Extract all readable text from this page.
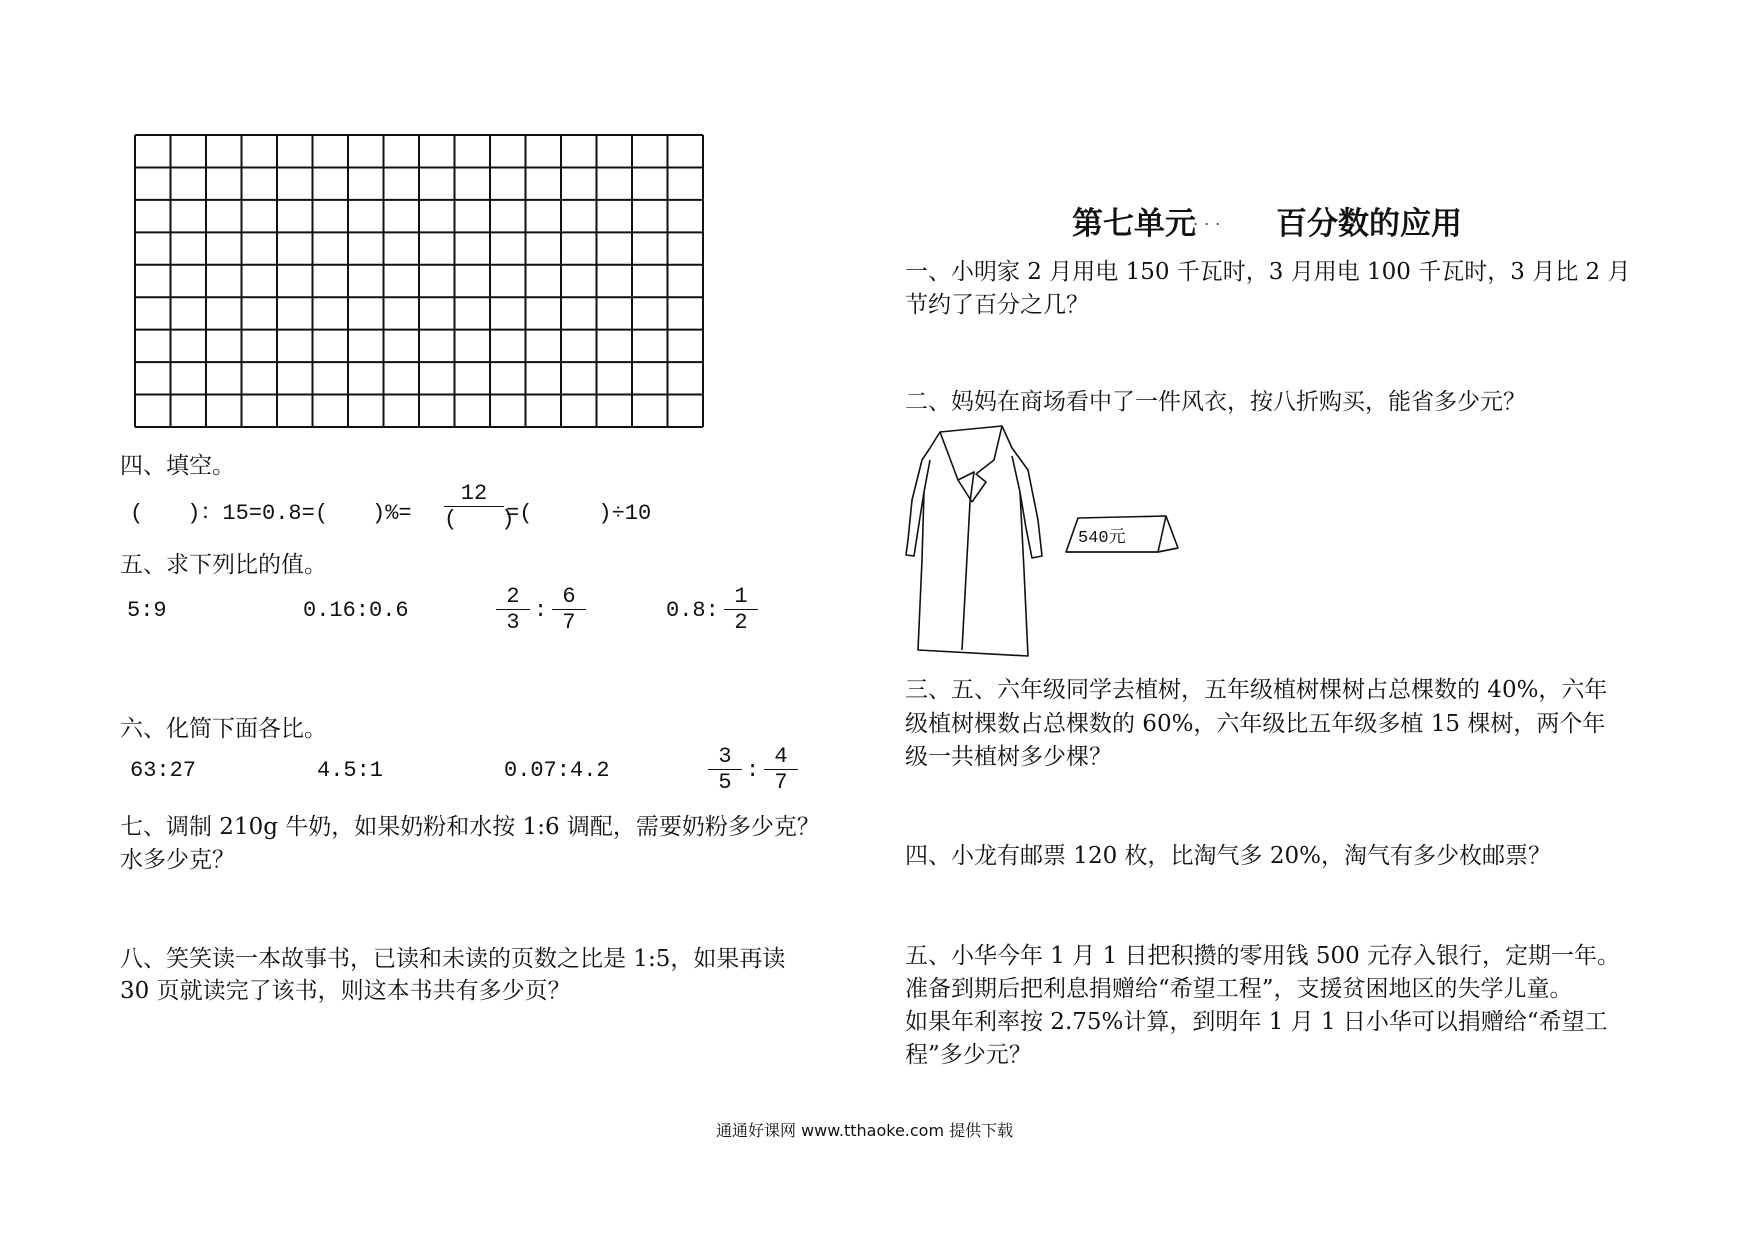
四、填空。
(　　)：15=0.8=(　　)%=
12
(　　)
=(　　　)÷10
五、求下列比的值。
5:9	0.16:0.6
2
3 :
6
7	0.8:
1
2
六、化简下面各比。
63:27	4.5:1	0.07:4.2
3
5 :
4
7
七、调制 210g 牛奶，如果奶粉和水按 1:6 调配，需要奶粉多少克？
水多少克？
八、笑笑读一本故事书，已读和未读的页数之比是 1:5，如果再读
30 页就读完了该书，则这本书共有多少页？
第七单元
... 百分数的应用
一、小明家 2 月用电 150 千瓦时，3 月用电 100 千瓦时，3 月比 2 月
节约了百分之几？
二、妈妈在商场看中了一件风衣，按八折购买，能省多少元？
540元
三、五、六年级同学去植树，五年级植树棵树占总棵数的 40%，六年
级植树棵数占总棵数的 60%，六年级比五年级多植 15 棵树，两个年
级一共植树多少棵？
四、小龙有邮票 120 枚，比淘气多 20%，淘气有多少枚邮票？
五、小华今年 1 月 1 日把积攒的零用钱 500 元存入银行，定期一年。
准备到期后把利息捐赠给“希望工程”，支援贫困地区的失学儿童。
如果年利率按 2.75%计算，到明年 1 月 1 日小华可以捐赠给“希望工
程”多少元？
通通好课网 www.tthaoke.com 提供下载
